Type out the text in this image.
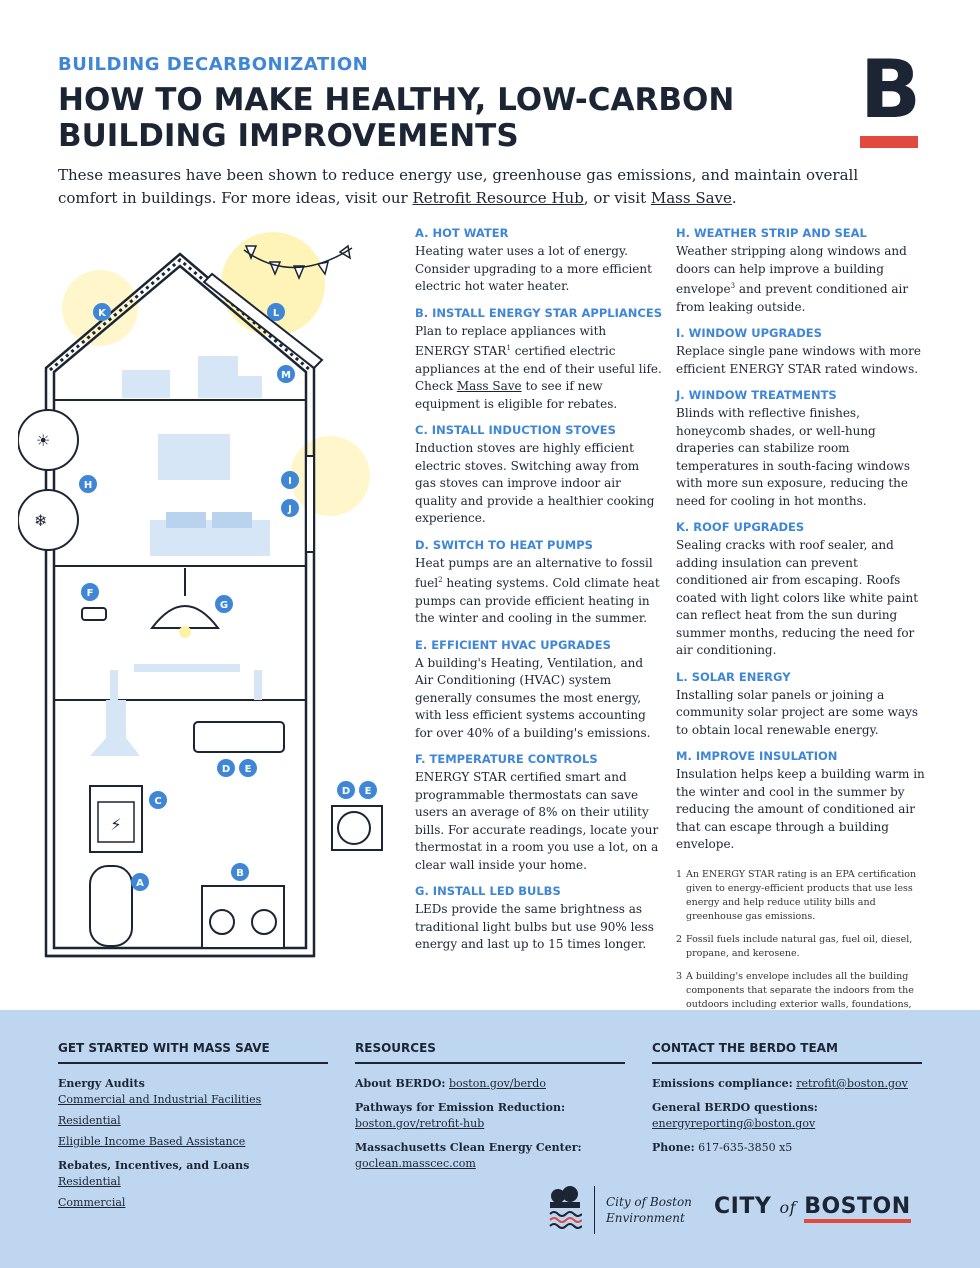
BUILDING DECARBONIZATION
HOW TO MAKE HEALTHY, LOW-CARBON BUILDING IMPROVEMENTS	B
These measures have been shown to reduce energy use, greenhouse gas emissions, and maintain overall comfort in buildings. For more ideas, visit our Retrofit Resource Hub, or visit Mass Save.
⚡
☀
❄
K	L
M
H	I
J
F
G
D E
C
D E
B
A
A. HOT WATER

Heating water uses a lot of energy. Consider upgrading to a more efficient electric hot water heater.

B. INSTALL ENERGY STAR APPLIANCES

Plan to replace appliances with ENERGY STAR$^1$ certified electric appliances at the end of their useful life. Check Mass Save to see if new equipment is eligible for rebates.

C. INSTALL INDUCTION STOVES

Induction stoves are highly efficient electric stoves. Switching away from gas stoves can improve indoor air quality and provide a healthier cooking experience.

D. SWITCH TO HEAT PUMPS

Heat pumps are an alternative to fossil fuel$^2$ heating systems. Cold climate heat pumps can provide efficient heating in the winter and cooling in the summer.

E. EFFICIENT HVAC UPGRADES

A building's Heating, Ventilation, and Air Conditioning (HVAC) system generally consumes the most energy, with less efficient systems accounting for over 40% of a building's emissions.

F. TEMPERATURE CONTROLS

ENERGY STAR certified smart and programmable thermostats can save users an average of 8% on their utility bills. For accurate readings, locate your thermostat in a room you use a lot, on a clear wall inside your home.

G. INSTALL LED BULBS

LEDs provide the same brightness as traditional light bulbs but use 90% less energy and last up to 15 times longer.

H. WEATHER STRIP AND SEAL

Weather stripping along windows and doors can help improve a building envelope$^3$ and prevent conditioned air from leaking outside.

I. WINDOW UPGRADES

Replace single pane windows with more efficient ENERGY STAR rated windows.

J. WINDOW TREATMENTS

Blinds with reflective finishes, honeycomb shades, or well-hung draperies can stabilize room temperatures in south-facing windows with more sun exposure, reducing the need for cooling in hot months.

K. ROOF UPGRADES

Sealing cracks with roof sealer, and adding insulation can prevent conditioned air from escaping. Roofs coated with light colors like white paint can reflect heat from the sun during summer months, reducing the need for air conditioning.

L. SOLAR ENERGY

Installing solar panels or joining a community solar project are some ways to obtain local renewable energy.

M. IMPROVE INSULATION

Insulation helps keep a building warm in the winter and cool in the summer by reducing the amount of conditioned air that can escape through a building envelope.

1 An ENERGY STAR rating is an EPA certification given to energy-efficient products that use less energy and help reduce utility bills and greenhouse gas emissions.
2 Fossil fuels include natural gas, fuel oil, diesel, propane, and kerosene.
3 A building's envelope includes all the building components that separate the indoors from the outdoors including exterior walls, foundations,
GET STARTED WITH MASS SAVE
Energy Audits
Commercial and Industrial Facilities
Residential
Eligible Income Based Assistance
Rebates, Incentives, and Loans
Residential
Commercial
RESOURCES
About BERDO: boston.gov/berdo
Pathways for Emission Reduction:
boston.gov/retrofit-hub
Massachusetts Clean Energy Center:
goclean.masscec.com
CONTACT THE BERDO TEAM
Emissions compliance: retrofit@boston.gov
General BERDO questions:
energyreporting@boston.gov
Phone: 617-635-3850 x5
City of Boston
Environment	CITY of BOSTON
